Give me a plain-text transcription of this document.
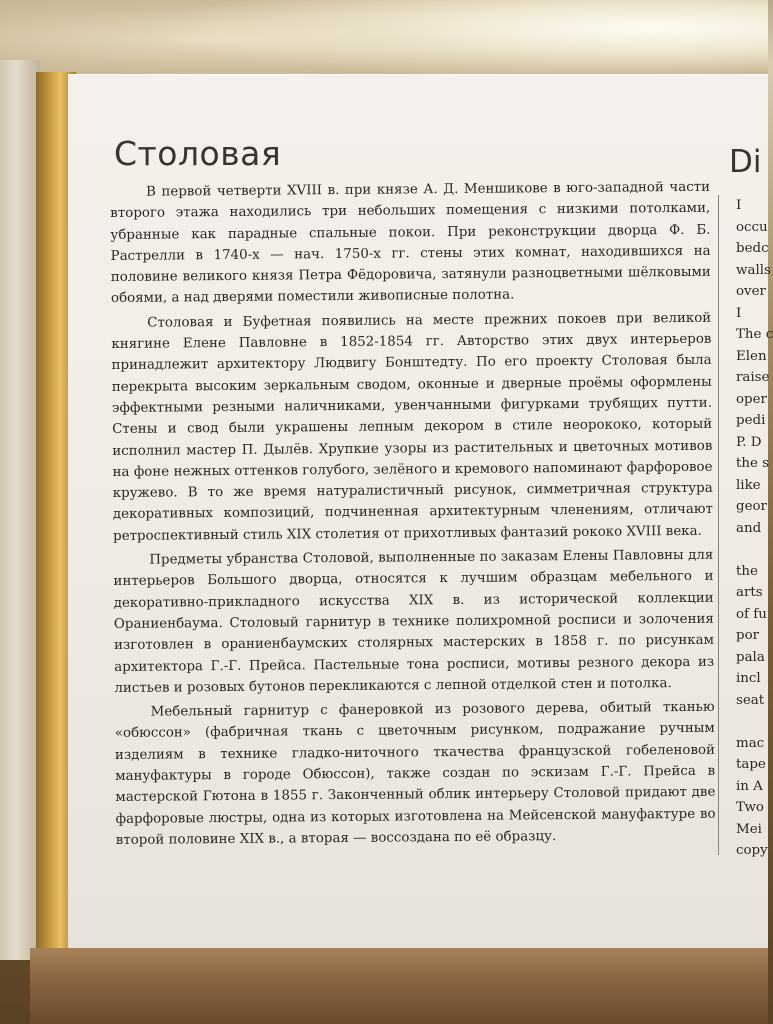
Столовая	Di

В первой четверти XVIII в. при князе А. Д. Меншикове в юго-западной части второго этажа находились три небольших помещения с низкими потолками, убранные как парадные спальные покои. При реконструкции дворца Ф. Б. Растрелли в 1740-х — нач. 1750-х гг. стены этих комнат, находившихся на половине великого князя Петра Фёдоровича, затянули разноцветными шёлковыми обоями, а над дверями поместили живописные полотна.

Столовая и Буфетная появились на месте прежних покоев при великой княгине Елене Павловне в 1852-1854 гг. Авторство этих двух интерьеров принадлежит архитектору Людвигу Бонштедту. По его проекту Столовая была перекрыта высоким зеркальным сводом, оконные и дверные проёмы оформлены эффектными резными наличниками, увенчанными фигурками трубящих путти. Стены и свод были украшены лепным декором в стиле неорококо, который исполнил мастер П. Дылёв. Хрупкие узоры из растительных и цветочных мотивов на фоне нежных оттенков голубого, зелёного и кремового напоминают фарфоровое кружево. В то же время натуралистичный рисунок, симметричная структура декоративных композиций, подчиненная архитектурным членениям, отличают ретроспективный стиль XIX столетия от прихотливых фантазий рококо XVIII века.

Предметы убранства Столовой, выполненные по заказам Елены Павловны для интерьеров Большого дворца, относятся к лучшим образцам мебельного и декоративно-прикладного искусства XIX в. из исторической коллекции Ораниенбаума. Столовый гарнитур в технике полихромной росписи и золочения изготовлен в ораниенбаумских столярных мастерских в 1858 г. по рисункам архитектора Г.-Г. Прейса. Пастельные тона росписи, мотивы резного декора из листьев и розовых бутонов перекликаются с лепной отделкой стен и потолка.

Мебельный гарнитур с фанеровкой из розового дерева, обитый тканью «обюссон» (фабричная ткань с цветочным рисунком, подражание ручным изделиям в технике гладко-ниточного ткачества французской гобеленовой мануфактуры в городе Обюссон), также создан по эскизам Г.-Г. Прейса в мастерской Гютона в 1855 г. Законченный облик интерьеру Столовой придают две фарфоровые люстры, одна из которых изготовлена на Мейсенской мануфактуре во второй половине XIX в., а вторая — воссоздана по её образцу.

I
occu
bedc
walls
over
I
The c
Elen
raise
oper
pedi
P. D
the s
like
geor
and
the
arts
of fu
por
pala
incl
seat
mac
tape
in A
Two
Mei
copy
